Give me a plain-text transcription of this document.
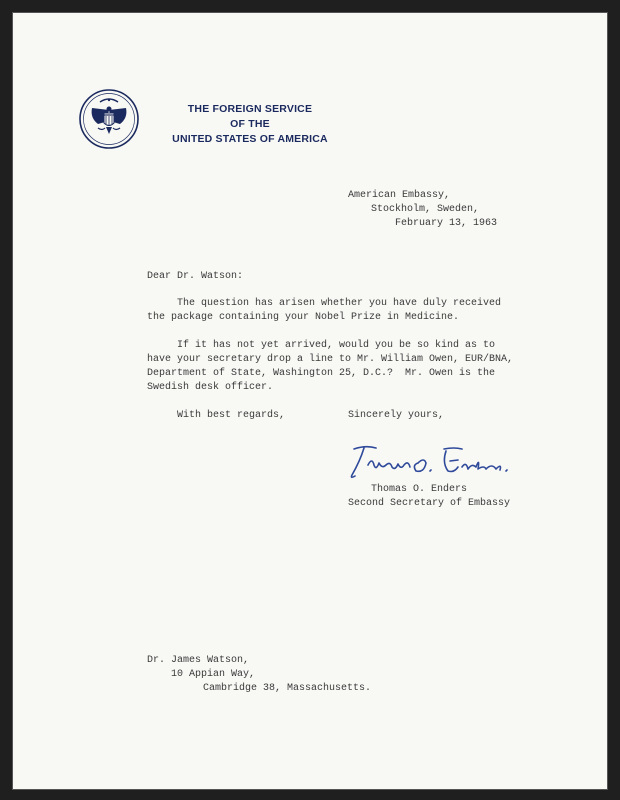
THE FOREIGN SERVICE
OF THE
UNITED STATES OF AMERICA
American Embassy,
Stockholm, Sweden,
February 13, 1963
Dear Dr. Watson:
The question has arisen whether you have duly received
the package containing your Nobel Prize in Medicine.
If it has not yet arrived, would you be so kind as to
have your secretary drop a line to Mr. William Owen, EUR/BNA,
Department of State, Washington 25, D.C.?  Mr. Owen is the
Swedish desk officer.
With best regards,	Sincerely yours,
Thomas O. Enders
Second Secretary of Embassy
Dr. James Watson,
10 Appian Way,
Cambridge 38, Massachusetts.
